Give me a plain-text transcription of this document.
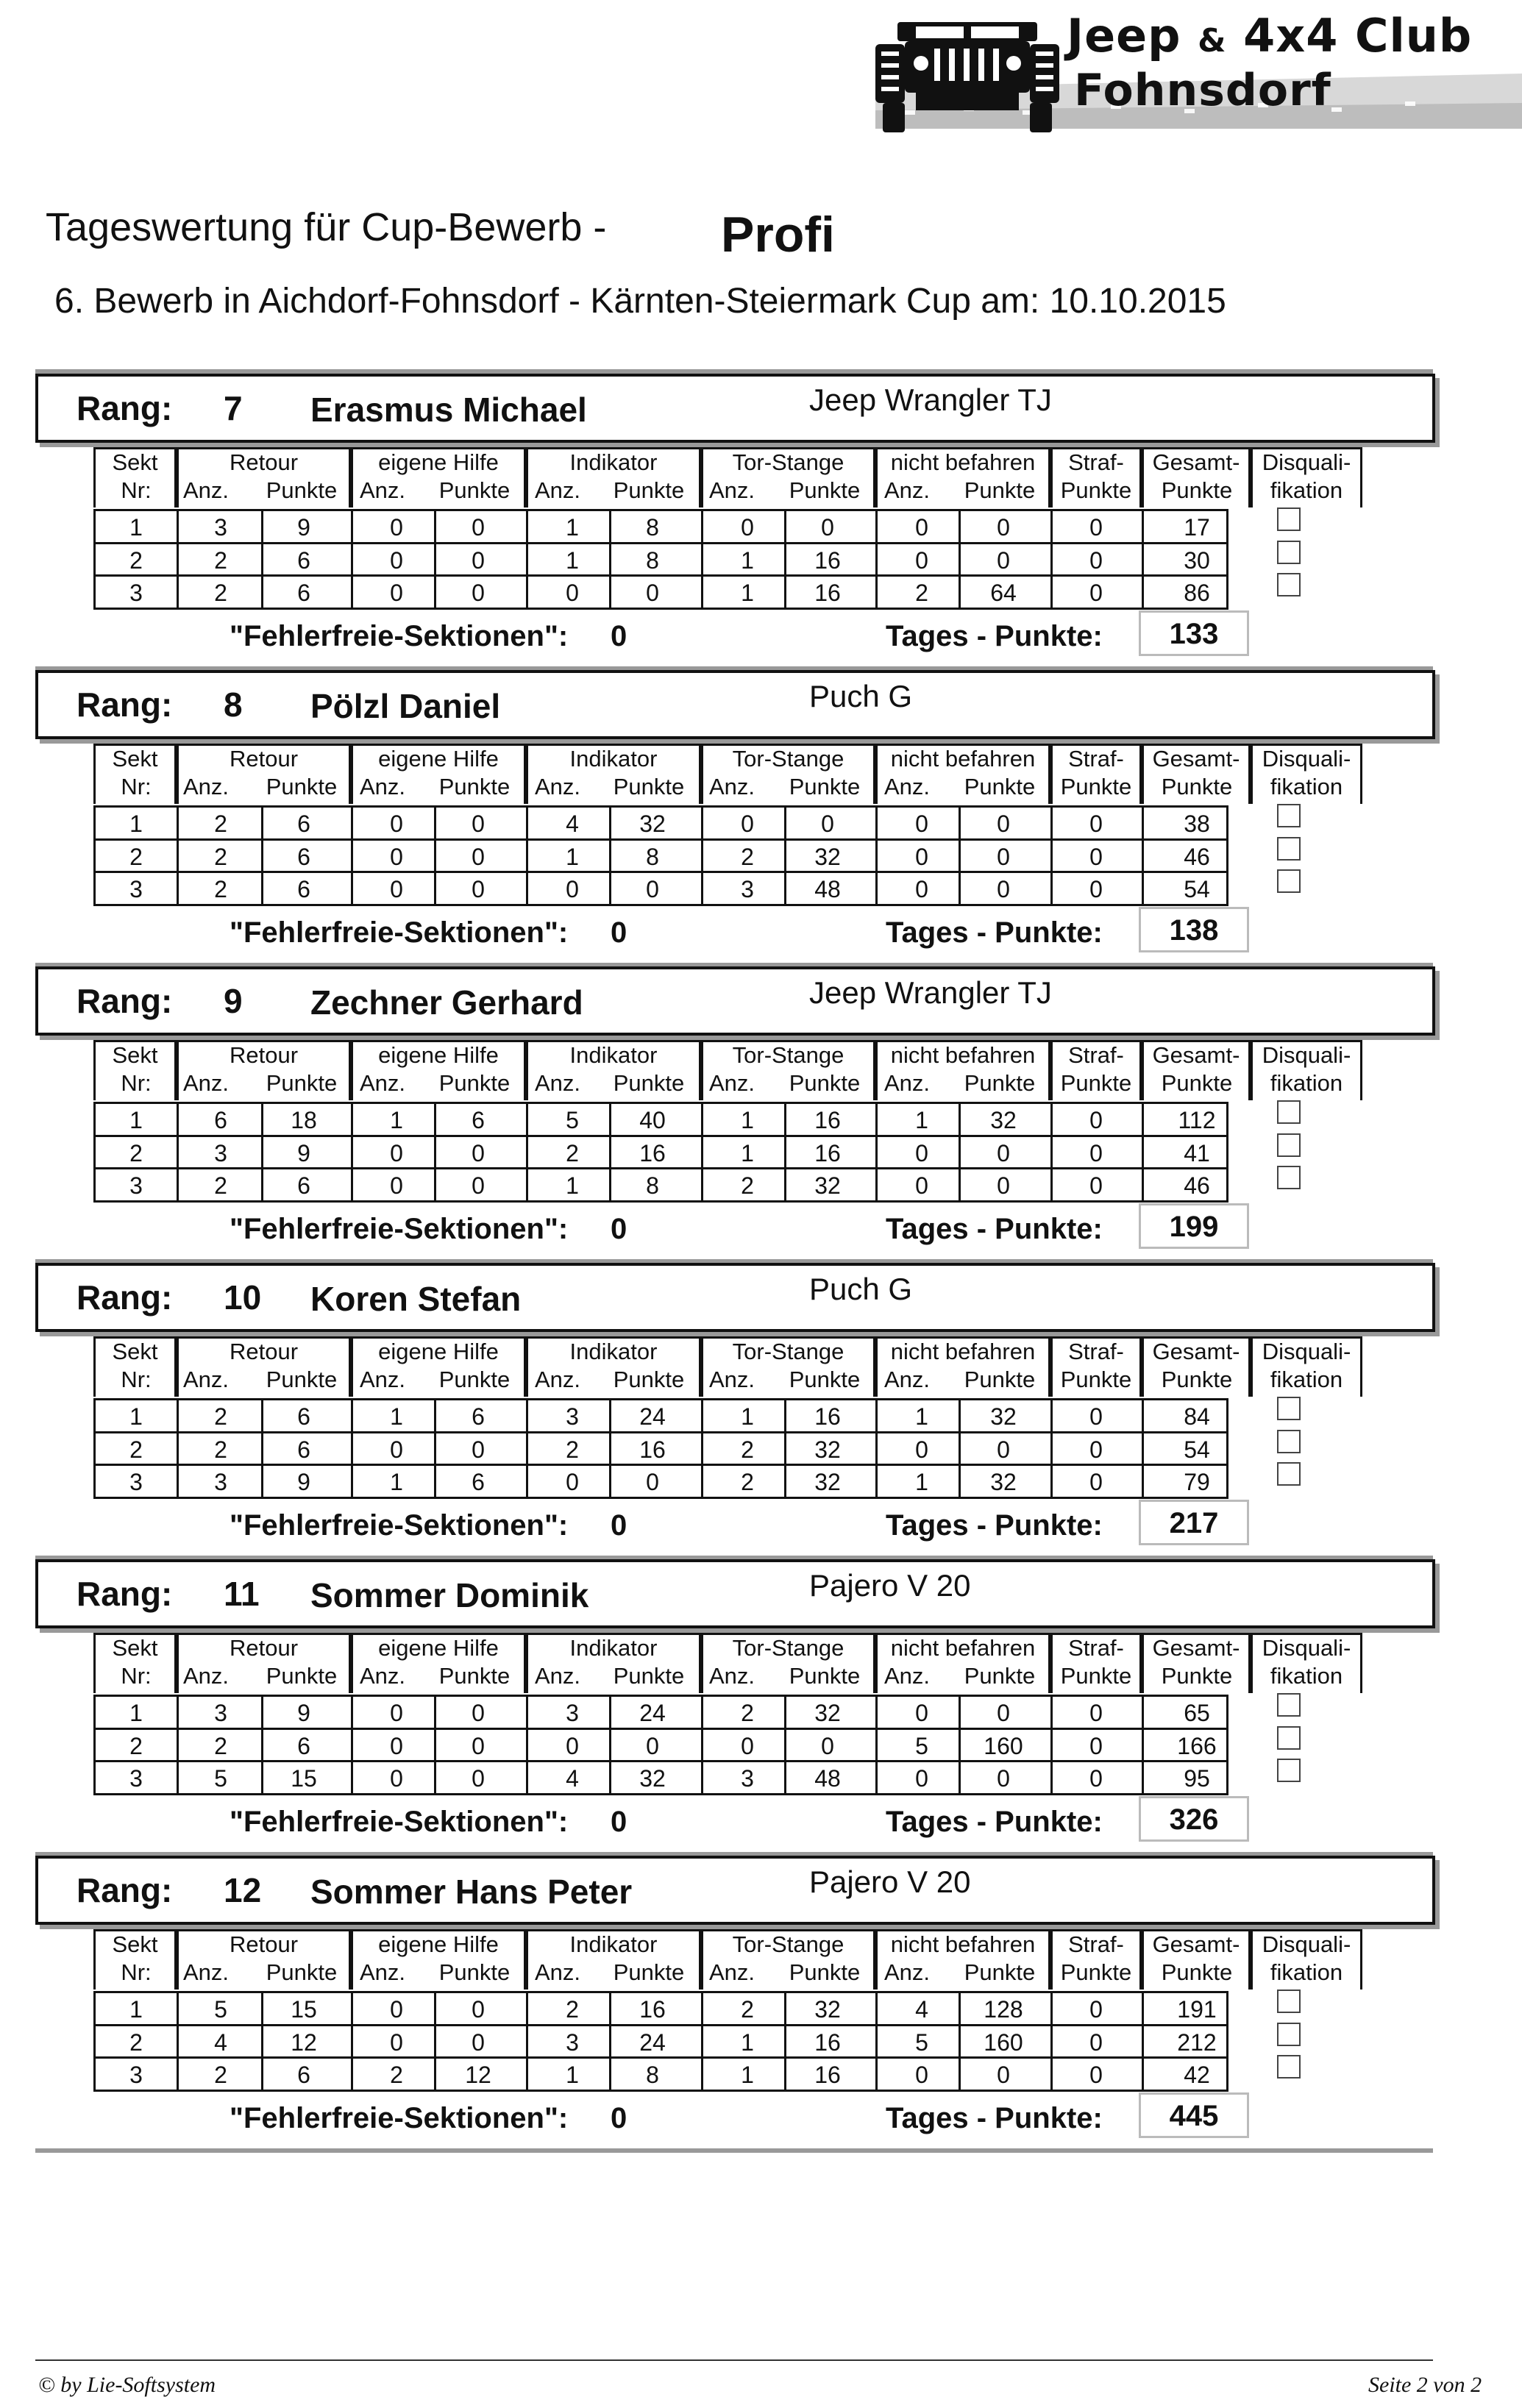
Jeep & 4x4 Club
Fohnsdorf
Tageswertung für Cup-Bewerb - Profi
6. Bewerb in Aichdorf-Fohnsdorf - Kärnten-Steiermark Cup am: 10.10.2015
Rang: 7 Erasmus Michael	Jeep Wrangler TJ
Sekt
Nr:
Retour
Anz.	Punkte
eigene Hilfe
Anz.	Punkte
Indikator
Anz.	Punkte
Tor-Stange
Anz.	Punkte
nicht befahren
Anz.	Punkte
Straf-
Punkte
Gesamt-
Punkte
Disquali-
fikation
1	3	9	0	0	1	8	0	0	0	0	0	17
2	2	6	0	0	1	8	1	16	0	0	0	30
3	2	6	0	0	0	0	1	16	2	64	0	86
"Fehlerfreie-Sektionen": 0	Tages - Punkte:	133
Rang: 8 Pölzl Daniel	Puch G
Sekt
Nr:
Retour
Anz.	Punkte
eigene Hilfe
Anz.	Punkte
Indikator
Anz.	Punkte
Tor-Stange
Anz.	Punkte
nicht befahren
Anz.	Punkte
Straf-
Punkte
Gesamt-
Punkte
Disquali-
fikation
1	2	6	0	0	4	32	0	0	0	0	0	38
2	2	6	0	0	1	8	2	32	0	0	0	46
3	2	6	0	0	0	0	3	48	0	0	0	54
"Fehlerfreie-Sektionen": 0	Tages - Punkte:	138
Rang: 9 Zechner Gerhard	Jeep Wrangler TJ
Sekt
Nr:
Retour
Anz.	Punkte
eigene Hilfe
Anz.	Punkte
Indikator
Anz.	Punkte
Tor-Stange
Anz.	Punkte
nicht befahren
Anz.	Punkte
Straf-
Punkte
Gesamt-
Punkte
Disquali-
fikation
1	6	18	1	6	5	40	1	16	1	32	0	112
2	3	9	0	0	2	16	1	16	0	0	0	41
3	2	6	0	0	1	8	2	32	0	0	0	46
"Fehlerfreie-Sektionen": 0	Tages - Punkte:	199
Rang: 10 Koren Stefan	Puch G
Sekt
Nr:
Retour
Anz.	Punkte
eigene Hilfe
Anz.	Punkte
Indikator
Anz.	Punkte
Tor-Stange
Anz.	Punkte
nicht befahren
Anz.	Punkte
Straf-
Punkte
Gesamt-
Punkte
Disquali-
fikation
1	2	6	1	6	3	24	1	16	1	32	0	84
2	2	6	0	0	2	16	2	32	0	0	0	54
3	3	9	1	6	0	0	2	32	1	32	0	79
"Fehlerfreie-Sektionen": 0	Tages - Punkte:	217
Rang: 11 Sommer Dominik	Pajero V 20
Sekt
Nr:
Retour
Anz.	Punkte
eigene Hilfe
Anz.	Punkte
Indikator
Anz.	Punkte
Tor-Stange
Anz.	Punkte
nicht befahren
Anz.	Punkte
Straf-
Punkte
Gesamt-
Punkte
Disquali-
fikation
1	3	9	0	0	3	24	2	32	0	0	0	65
2	2	6	0	0	0	0	0	0	5	160	0	166
3	5	15	0	0	4	32	3	48	0	0	0	95
"Fehlerfreie-Sektionen": 0	Tages - Punkte:	326
Rang: 12 Sommer Hans Peter	Pajero V 20
Sekt
Nr:
Retour
Anz.	Punkte
eigene Hilfe
Anz.	Punkte
Indikator
Anz.	Punkte
Tor-Stange
Anz.	Punkte
nicht befahren
Anz.	Punkte
Straf-
Punkte
Gesamt-
Punkte
Disquali-
fikation
1	5	15	0	0	2	16	2	32	4	128	0	191
2	4	12	0	0	3	24	1	16	5	160	0	212
3	2	6	2	12	1	8	1	16	0	0	0	42
"Fehlerfreie-Sektionen": 0	Tages - Punkte:	445
© by Lie-Softsystem	Seite 2 von 2
